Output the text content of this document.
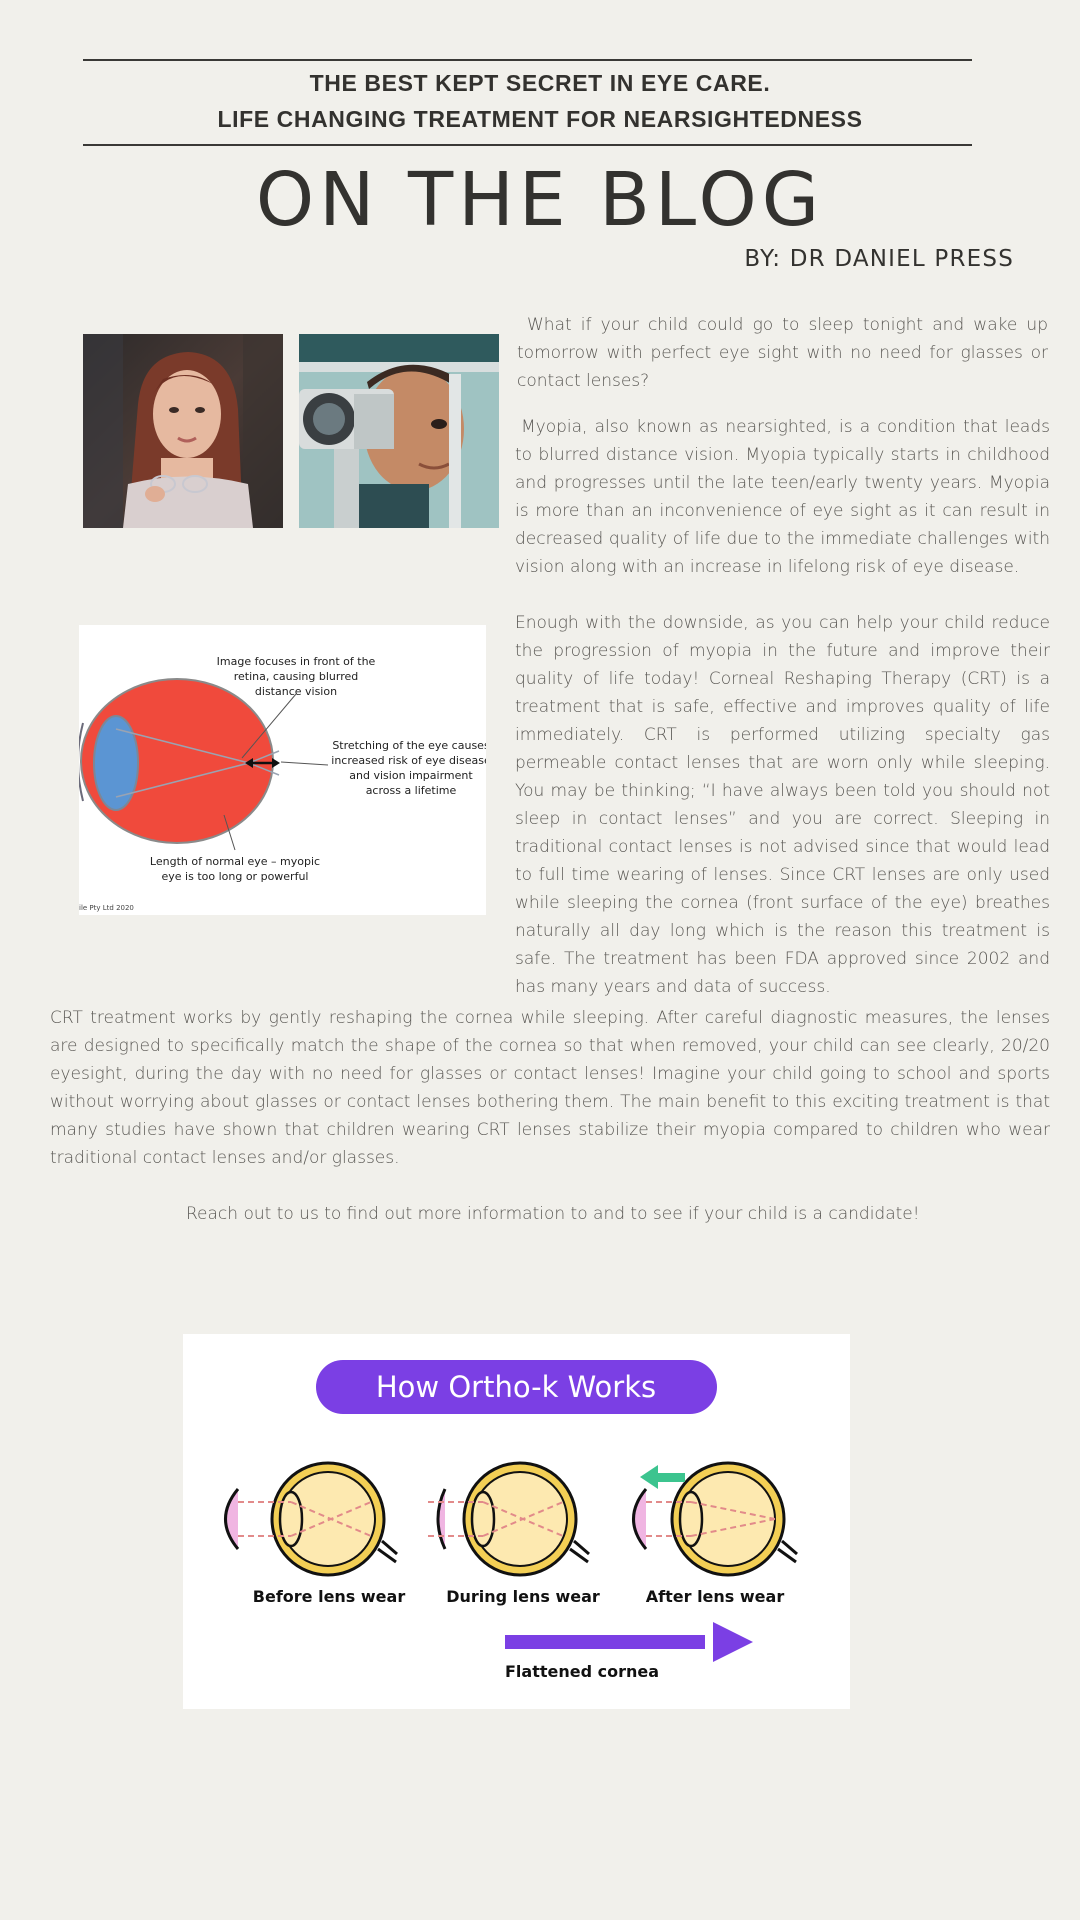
THE BEST KEPT SECRET IN EYE CARE.
LIFE CHANGING TREATMENT FOR NEARSIGHTEDNESS
ON THE BLOG
BY: DR DANIEL PRESS

What if your child could go to sleep tonight and wake up tomorrow with perfect eye sight with no need for glasses or contact lenses?

Myopia, also known as nearsighted, is a condition that leads to blurred distance vision. Myopia typically starts in childhood and progresses until the late teen/early twenty years. Myopia is more than an inconvenience of eye sight as it can result in decreased quality of life due to the immediate challenges with vision along with an increase in lifelong risk of eye disease.

Image focuses in front of the
retina, causing blurred
distance vision
Stretching of the eye causes
increased risk of eye disease
and vision impairment
across a lifetime
Length of normal eye – myopic
eye is too long or powerful
ile Pty Ltd 2020

Enough with the downside, as you can help your child reduce the progression of myopia in the future and improve their quality of life today! Corneal Reshaping Therapy (CRT) is a treatment that is safe, effective and improves quality of life immediately. CRT is performed utilizing specialty gas permeable contact lenses that are worn only while sleeping. You may be thinking; “I have always been told you should not sleep in contact lenses” and you are correct. Sleeping in traditional contact lenses is not advised since that would lead to full time wearing of lenses. Since CRT lenses are only used while sleeping the cornea (front surface of the eye) breathes naturally all day long which is the reason this treatment is safe. The treatment has been FDA approved since 2002 and has many years and data of success.

CRT treatment works by gently reshaping the cornea while sleeping. After careful diagnostic measures, the lenses are designed to specifically match the shape of the cornea so that when removed, your child can see clearly, 20/20 eyesight, during the day with no need for glasses or contact lenses! Imagine your child going to school and sports without worrying about glasses or contact lenses bothering them. The main benefit to this exciting treatment is that many studies have shown that children wearing CRT lenses stabilize their myopia compared to children who wear traditional contact lenses and/or glasses.

Reach out to us to find out more information to and to see if your child is a candidate!

How Ortho-k Works
Before lens wear	During lens wear	After lens wear
Flattened cornea
